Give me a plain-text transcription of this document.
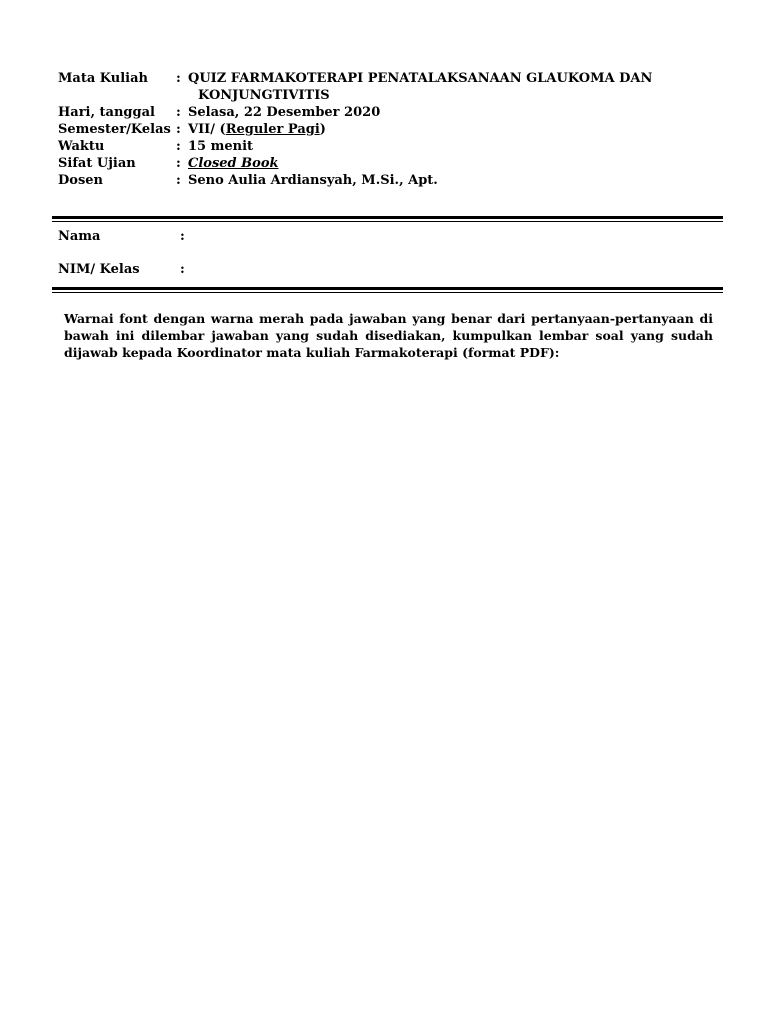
Mata Kuliah	: QUIZ FARMAKOTERAPI PENATALAKSANAAN GLAUKOMA DAN
KONJUNGTIVITIS
Hari, tanggal	: Selasa, 22 Desember 2020
Semester/Kelas : VII/ (Reguler Pagi)
Waktu	: 15 menit
Sifat Ujian	: Closed Book
Dosen	: Seno Aulia Ardiansyah, M.Si., Apt.
Nama	:
NIM/ Kelas	:
Warnai font dengan warna merah pada jawaban yang benar dari pertanyaan-pertanyaan di bawah ini dilembar jawaban yang sudah disediakan, kumpulkan lembar soal yang sudah dijawab kepada Koordinator mata kuliah Farmakoterapi (format PDF):
